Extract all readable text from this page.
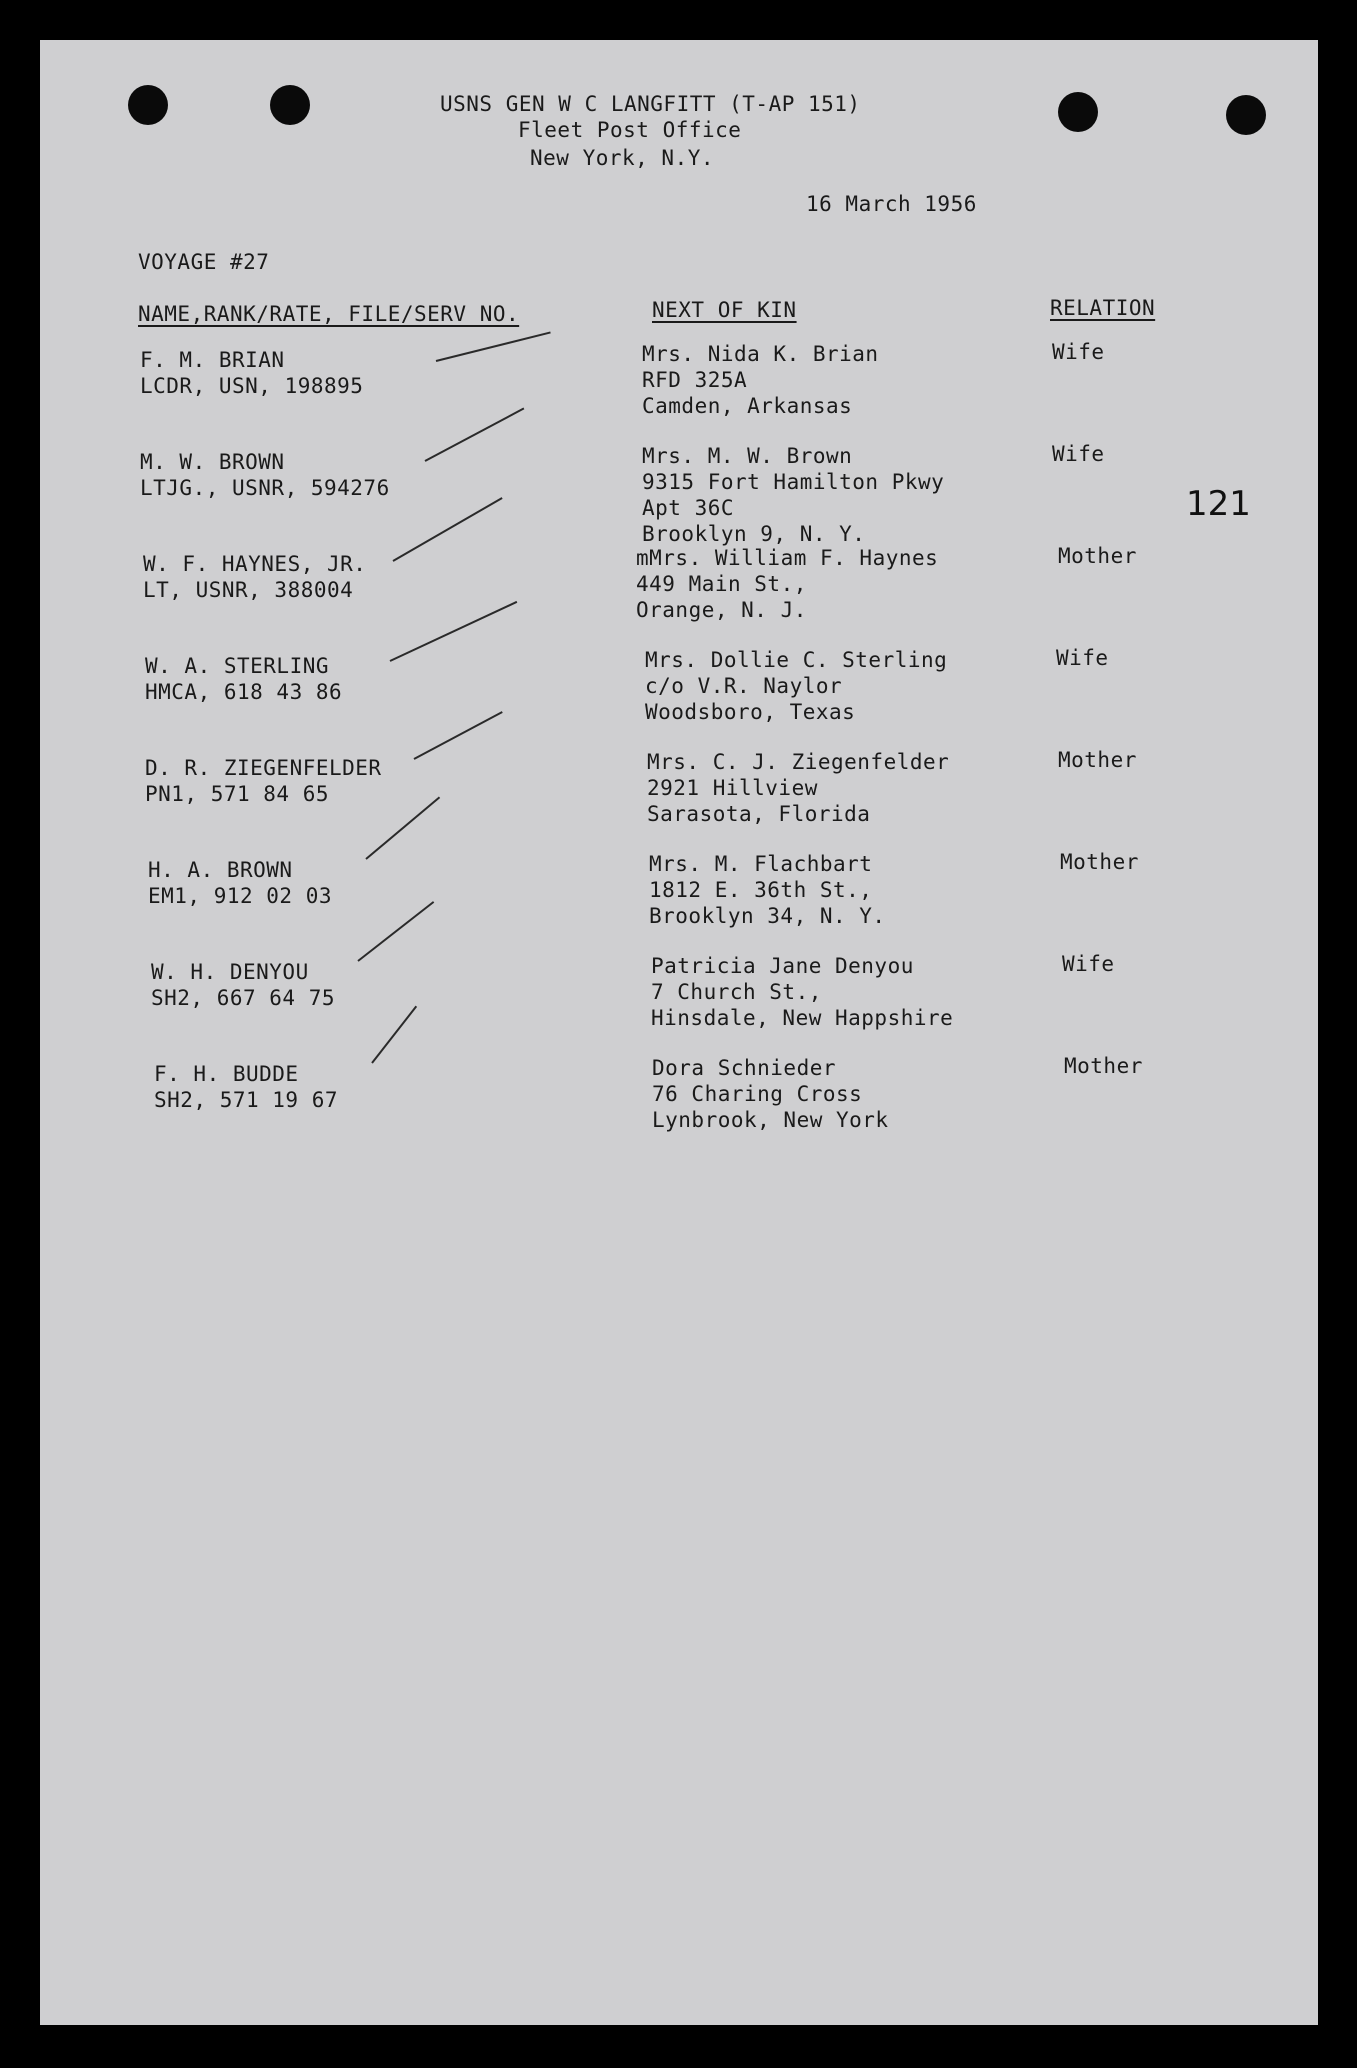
USNS GEN W C LANGFITT (T-AP 151)
Fleet Post Office
New York, N.Y.
16 March 1956
VOYAGE #27
NAME,RANK/RATE, FILE/SERV NO.	NEXT OF KIN	RELATION
121
F. M. BRIAN
LCDR, USN, 198895
Mrs. Nida K. Brian
RFD 325A
Camden, Arkansas
Wife
M. W. BROWN
LTJG., USNR, 594276
Mrs. M. W. Brown
9315 Fort Hamilton Pkwy
Apt 36C
Brooklyn 9, N. Y.
Wife
W. F. HAYNES, JR.
LT, USNR, 388004
mMrs. William F. Haynes
449 Main St.,
Orange, N. J.
Mother
W. A. STERLING
HMCA, 618 43 86
Mrs. Dollie C. Sterling
c/o V.R. Naylor
Woodsboro, Texas
Wife
D. R. ZIEGENFELDER
PN1, 571 84 65
Mrs. C. J. Ziegenfelder
2921 Hillview
Sarasota, Florida
Mother
H. A. BROWN
EM1, 912 02 03
Mrs. M. Flachbart
1812 E. 36th St.,
Brooklyn 34, N. Y.
Mother
W. H. DENYOU
SH2, 667 64 75
Patricia Jane Denyou
7 Church St.,
Hinsdale, New Happshire
Wife
F. H. BUDDE
SH2, 571 19 67
Dora Schnieder
76 Charing Cross
Lynbrook, New York
Mother
